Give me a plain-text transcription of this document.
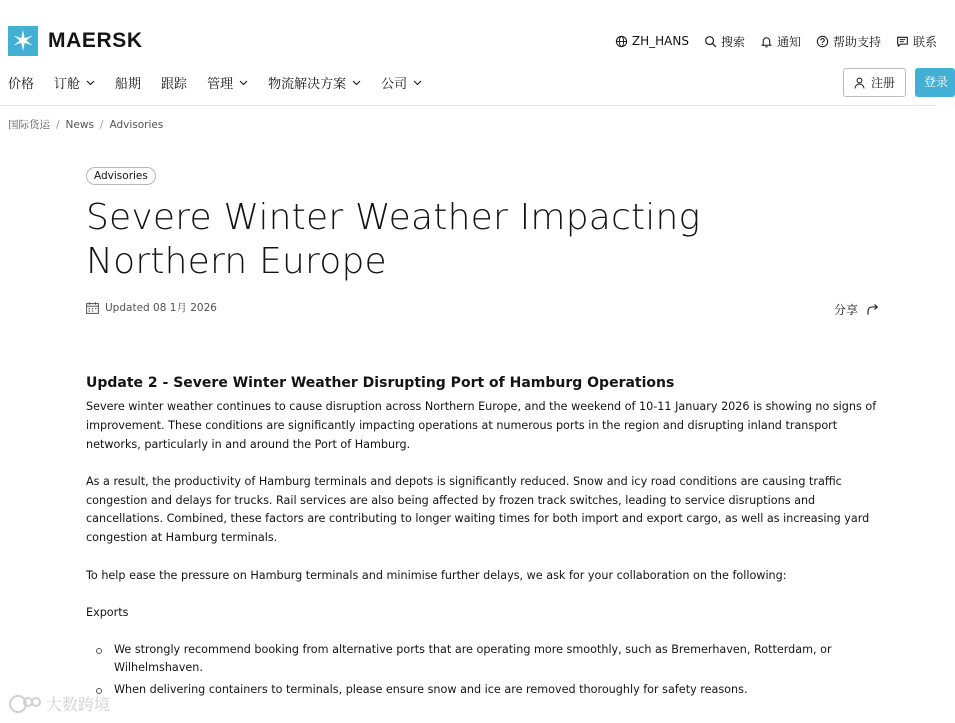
MAERSK	ZH_HANS	搜索	通知	帮助支持	联系
价格 订舱	船期 跟踪 管理	物流解决方案	公司	注册	登录
国际货运 / News / Advisories
Advisories
Severe Winter Weather Impacting Northern Europe
Updated 08 1月 2026	分享
Update 2 - Severe Winter Weather Disrupting Port of Hamburg Operations

Severe winter weather continues to cause disruption across Northern Europe, and the weekend of 10-11 January 2026 is showing no signs of improvement. These conditions are significantly impacting operations at numerous ports in the region and disrupting inland transport networks, particularly in and around the Port of Hamburg.

As a result, the productivity of Hamburg terminals and depots is significantly reduced. Snow and icy road conditions are causing traffic congestion and delays for trucks. Rail services are also being affected by frozen track switches, leading to service disruptions and cancellations. Combined, these factors are contributing to longer waiting times for both import and export cargo, as well as increasing yard congestion at Hamburg terminals.

To help ease the pressure on Hamburg terminals and minimise further delays, we ask for your collaboration on the following:

Exports

We strongly recommend booking from alternative ports that are operating more smoothly, such as Bremerhaven, Rotterdam, or Wilhelmshaven.
When delivering containers to terminals, please ensure snow and ice are removed thoroughly for safety reasons.
大数跨境
